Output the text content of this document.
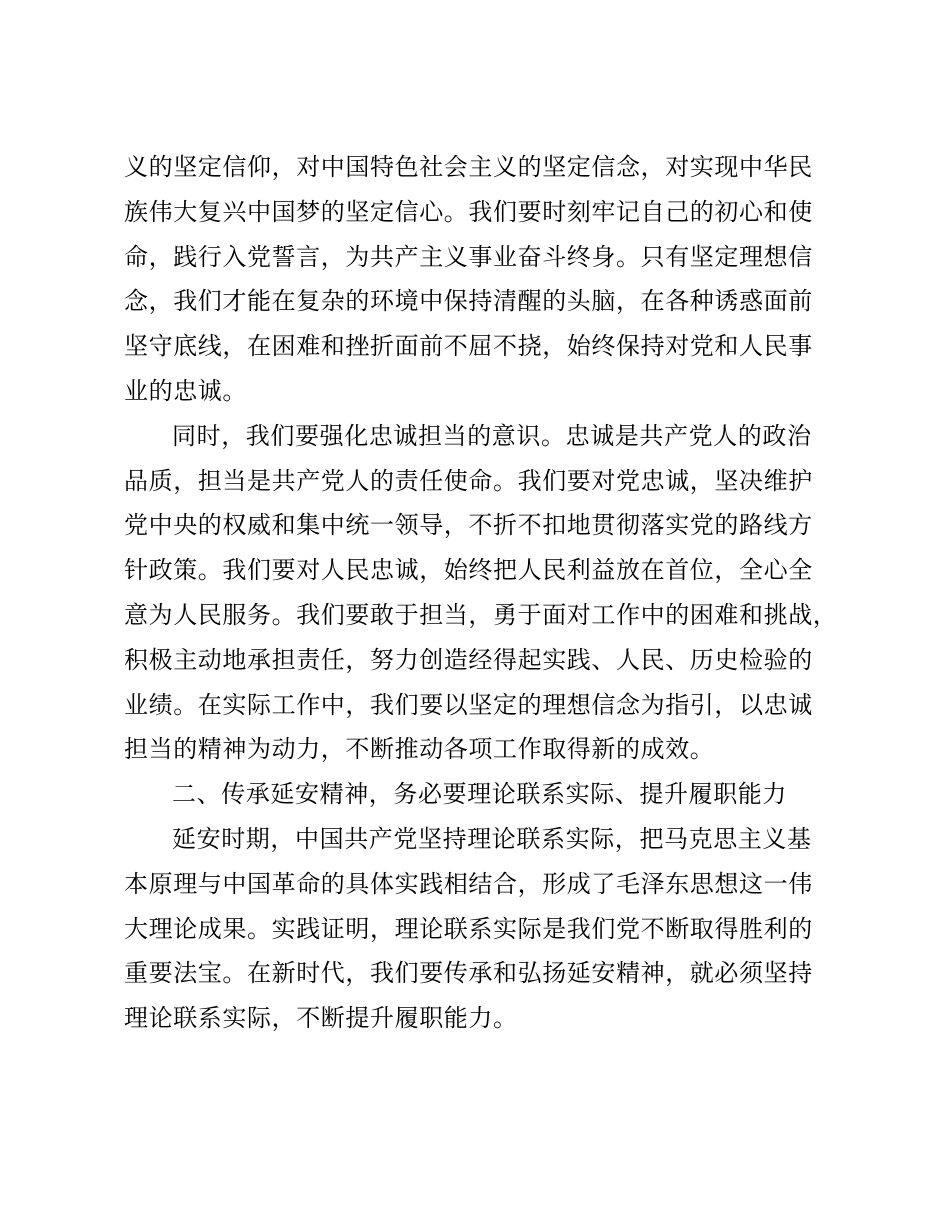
义的坚定信仰，对中国特色社会主义的坚定信念，对实现中华民
族伟大复兴中国梦的坚定信心。我们要时刻牢记自己的初心和使
命，践行入党誓言，为共产主义事业奋斗终身。只有坚定理想信
念，我们才能在复杂的环境中保持清醒的头脑，在各种诱惑面前
坚守底线，在困难和挫折面前不屈不挠，始终保持对党和人民事
业的忠诚。
同时，我们要强化忠诚担当的意识。忠诚是共产党人的政治
品质，担当是共产党人的责任使命。我们要对党忠诚，坚决维护
党中央的权威和集中统一领导，不折不扣地贯彻落实党的路线方
针政策。我们要对人民忠诚，始终把人民利益放在首位，全心全
意为人民服务。我们要敢于担当，勇于面对工作中的困难和挑战，
积极主动地承担责任，努力创造经得起实践、人民、历史检验的
业绩。在实际工作中，我们要以坚定的理想信念为指引，以忠诚
担当的精神为动力，不断推动各项工作取得新的成效。
二、传承延安精神，务必要理论联系实际、提升履职能力
延安时期，中国共产党坚持理论联系实际，把马克思主义基
本原理与中国革命的具体实践相结合，形成了毛泽东思想这一伟
大理论成果。实践证明，理论联系实际是我们党不断取得胜利的
重要法宝。在新时代，我们要传承和弘扬延安精神，就必须坚持
理论联系实际，不断提升履职能力。
